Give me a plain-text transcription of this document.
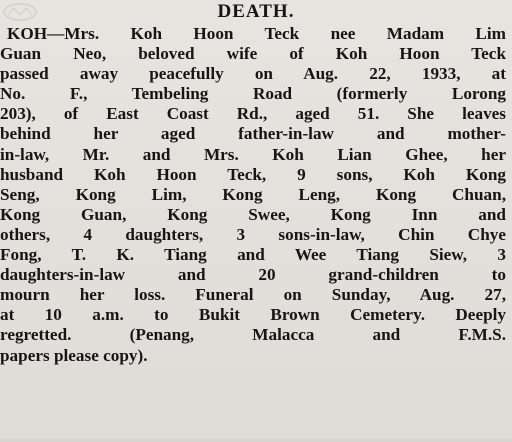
DEATH.
KOH—Mrs. Koh Hoon Teck nee Madam Lim
Guan Neo, beloved wife of Koh Hoon Teck
passed away peacefully on Aug. 22, 1933, at
No. F., Tembeling Road (formerly Lorong
203), of East Coast Rd., aged 51. She leaves
behind her aged father-in-law and mother-
in-law, Mr. and Mrs. Koh Lian Ghee, her
husband Koh Hoon Teck, 9 sons, Koh Kong
Seng, Kong Lim, Kong Leng, Kong Chuan,
Kong Guan, Kong Swee, Kong Inn and
others, 4 daughters, 3 sons-in-law, Chin Chye
Fong, T. K. Tiang and Wee Tiang Siew, 3
daughters-in-law and 20 grand-children to
mourn her loss. Funeral on Sunday, Aug. 27,
at 10 a.m. to Bukit Brown Cemetery. Deeply
regretted. (Penang, Malacca and F.M.S.
papers please copy).
